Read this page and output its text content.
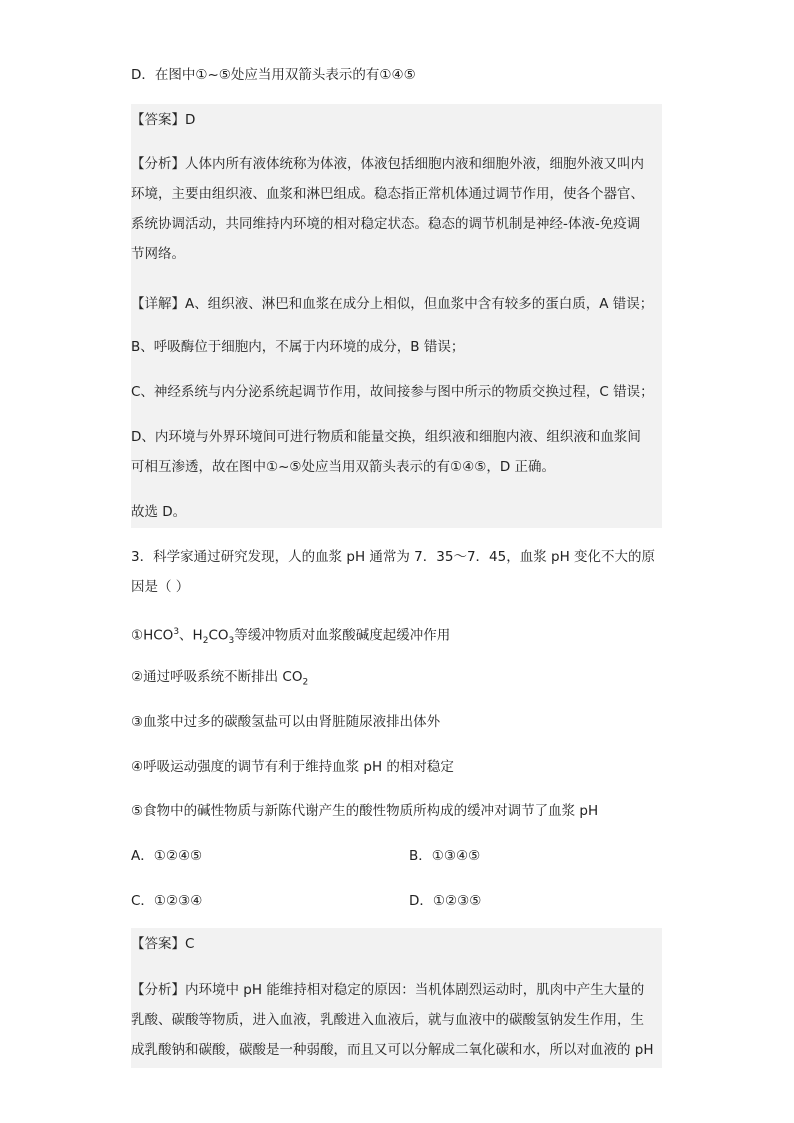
D．在图中①~⑤处应当用双箭头表示的有①④⑤
【答案】D
【分析】人体内所有液体统称为体液，体液包括细胞内液和细胞外液，细胞外液又叫内
环境，主要由组织液、血浆和淋巴组成。稳态指正常机体通过调节作用，使各个器官、
系统协调活动，共同维持内环境的相对稳定状态。稳态的调节机制是神经-体液-免疫调
节网络。
【详解】A、组织液、淋巴和血浆在成分上相似，但血浆中含有较多的蛋白质，A 错误；
B、呼吸酶位于细胞内，不属于内环境的成分，B 错误；
C、神经系统与内分泌系统起调节作用，故间接参与图中所示的物质交换过程，C 错误；
D、内环境与外界环境间可进行物质和能量交换，组织液和细胞内液、组织液和血浆间
可相互渗透，故在图中①~⑤处应当用双箭头表示的有①④⑤，D 正确。
故选 D。
3．科学家通过研究发现，人的血浆 pH 通常为 7．35～7．45，血浆 pH 变化不大的原
因是（ ）
①HCO$^3$、$H_2CO_3$等缓冲物质对血浆酸碱度起缓冲作用
②通过呼吸系统不断排出 $CO_2$
③血浆中过多的碳酸氢盐可以由肾脏随尿液排出体外
④呼吸运动强度的调节有利于维持血浆 pH 的相对稳定
⑤食物中的碱性物质与新陈代谢产生的酸性物质所构成的缓冲对调节了血浆 pH
A．①②④⑤	B．①③④⑤
C．①②③④	D．①②③⑤
【答案】C
【分析】内环境中 pH 能维持相对稳定的原因：当机体剧烈运动时，肌肉中产生大量的
乳酸、碳酸等物质，进入血液，乳酸进入血液后，就与血液中的碳酸氢钠发生作用，生
成乳酸钠和碳酸，碳酸是一种弱酸，而且又可以分解成二氧化碳和水，所以对血液的 pH
